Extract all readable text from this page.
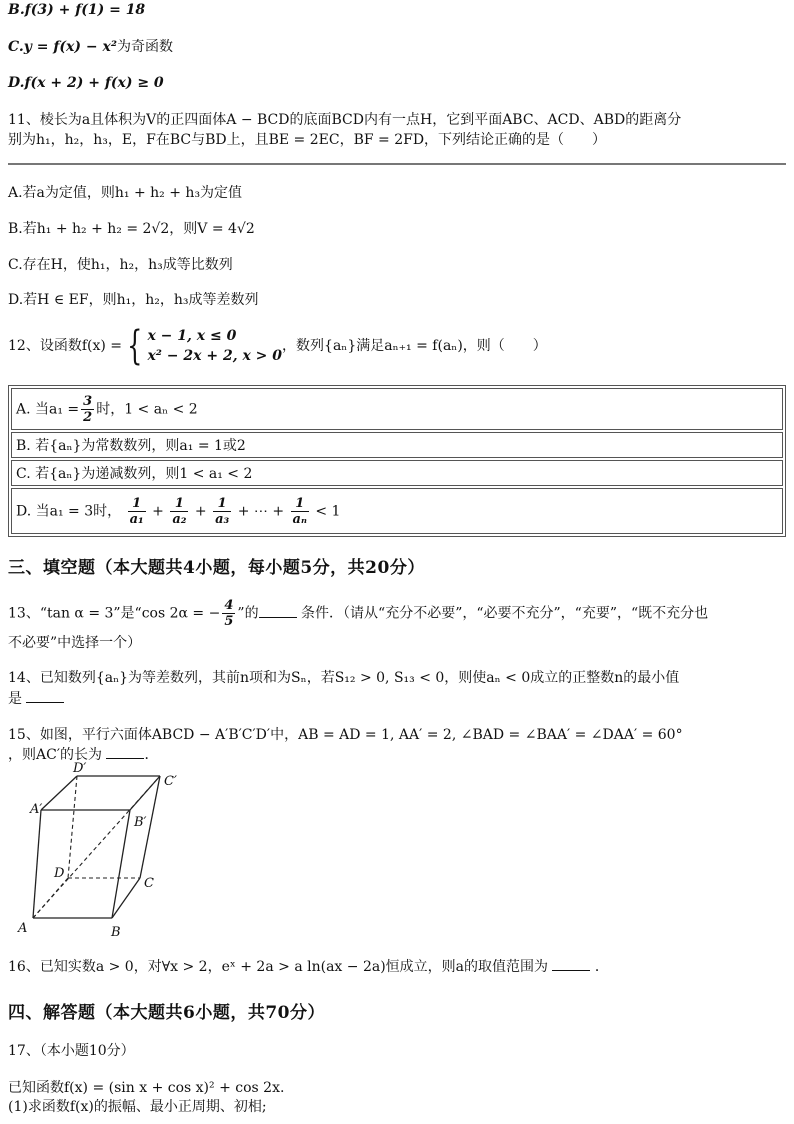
B.f(3) + f(1) = 18
C.y = f(x) − x²为奇函数
D.f(x + 2) + f(x) ≥ 0
11、棱长为a且体积为V的正四面体A − BCD的底面BCD内有一点H，它到平面ABC、ACD、ABD的距离分
别为h₁，h₂，h₃，E，F在BC与BD上，且BE = 2EC，BF = 2FD，下列结论正确的是（　　）
A.若a为定值，则h₁ + h₂ + h₃为定值
B.若h₁ + h₂ + h₂ = 2√2，则V = 4√2
C.存在H，使h₁，h₂，h₃成等比数列
D.若H ∈ EF，则h₁，h₂，h₃成等差数列
12、设函数f(x) = { x − 1, x ≤ 0
x² − 2x + 2, x > 0
，数列{aₙ}满足aₙ₊₁ = f(aₙ)，则（　　）
A. 当$a_1 = \frac{3}{2}$ 时，1 < aₙ < 2
B. 若{aₙ}为常数数列，则a₁ = 1或2
C. 若{aₙ}为递减数列，则1 < a₁ < 2
D. 当a₁ = 3时， $\frac{1}{\text{a₁}} + \frac{1}{\text{a₂}} + \frac{1}{\text{a₃}}$ + ⋯ + $\frac{1}{\text{aₙ}} < 1$
三、填空题（本大题共4小题，每小题5分，共20分）
13、“tan α = 3”是“cos 2α = − $\frac{4}{5}$ ”的	条件．（请从“充分不必要”，“必要不充分”，“充要”，“既不充分也
不必要”中选择一个）
14、已知数列{aₙ}为等差数列，其前n项和为Sₙ，若S₁₂ > 0, S₁₃ < 0，则使aₙ < 0成立的正整数n的最小值
是
15、如图，平行六面体ABCD − A′B′C′D′中，AB = AD = 1, AA′ = 2, ∠BAD = ∠BAA′ = ∠DAA′ = 60°
，则AC′的长为	．
D′
C′
A′
B′
D
C
A	B
16、已知实数a > 0，对∀x > 2，eˣ + 2a > a ln(ax − 2a)恒成立，则a的取值范围为	．
四、解答题（本大题共6小题，共70分）
17、（本小题10分）
已知函数f(x) = (sin x + cos x)² + cos 2x.
(1)求函数f(x)的振幅、最小正周期、初相;
